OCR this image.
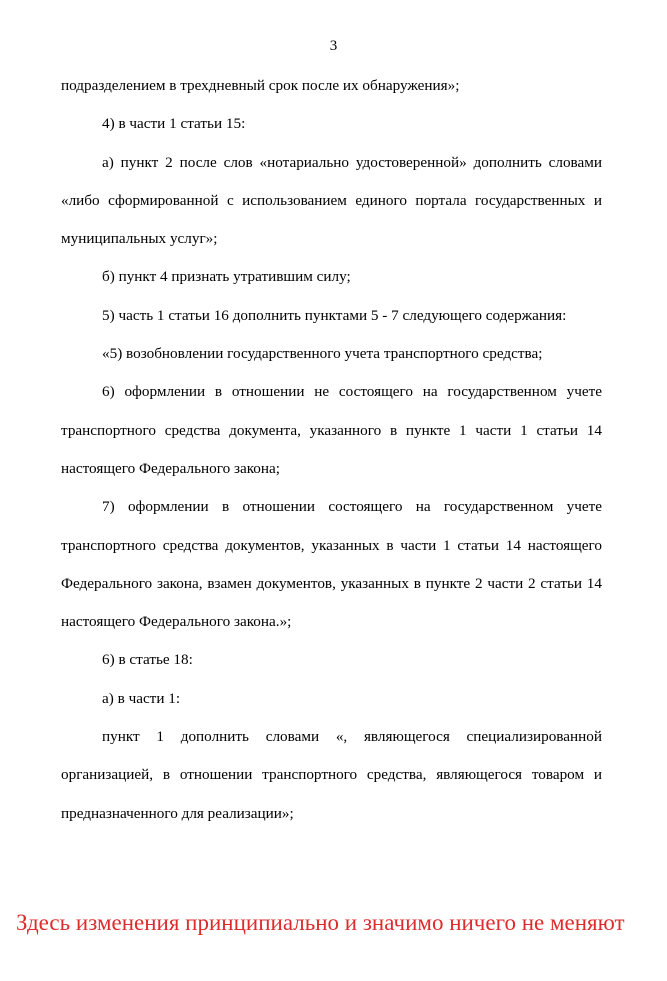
3

подразделением в трехдневный срок после их обнаружения»;

4) в части 1 статьи 15:

а) пункт 2 после слов «нотариально удостоверенной» дополнить словами «либо сформированной с использованием единого портала государственных и муниципальных услуг»;

б) пункт 4 признать утратившим силу;

5) часть 1 статьи 16 дополнить пунктами 5 - 7 следующего содержания:

«5) возобновлении государственного учета транспортного средства;

6) оформлении в отношении не состоящего на государственном учете транспортного средства документа, указанного в пункте 1 части 1 статьи 14 настоящего Федерального закона;

7) оформлении в отношении состоящего на государственном учете транспортного средства документов, указанных в части 1 статьи 14 настоящего Федерального закона, взамен документов, указанных в пункте 2 части 2 статьи 14 настоящего Федерального закона.»;

6) в статье 18:

а) в части 1:

пункт 1 дополнить словами «, являющегося специализированной организацией, в отношении транспортного средства, являющегося товаром и предназначенного для реализации»;

Здесь изменения принципиально и значимо ничего не меняют
